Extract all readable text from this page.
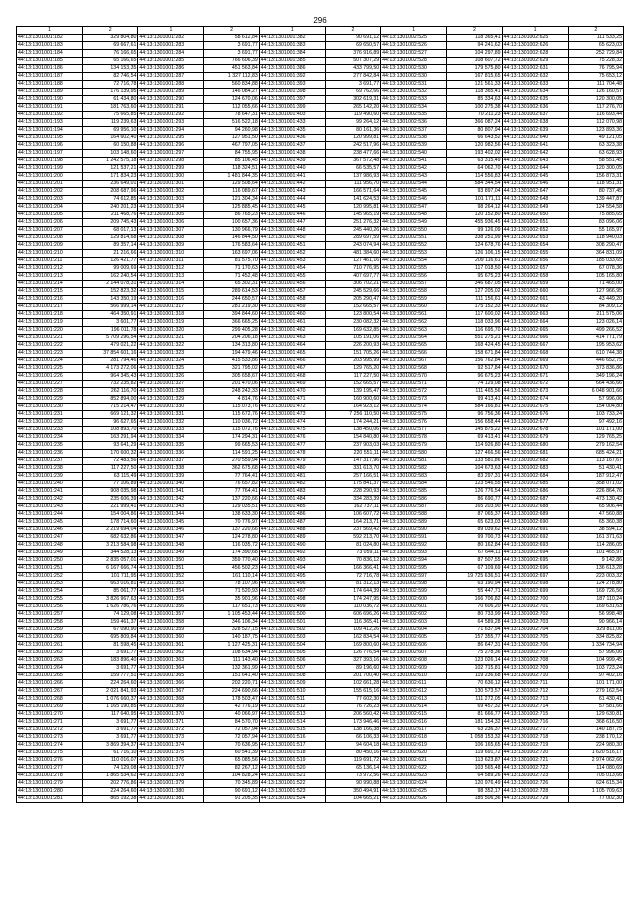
296
1	2	1	2	1	2	1	2	1	2
44:13:1301001:182	329 804,80	44:13:1301001:282	58 612,84	44:13:1301001:382	90 691,12	44:13:1301002:525	118 365,41	44:13:1301002:625	111 533,25
44:13:1301001:183	69 667,61	44:13:1301001:283	3 691,77	44:13:1301001:383	69 650,57	44:13:1301002:526	94 241,62	44:13:1301002:626	65 623,03
44:13:1301001:184	76 166,65	44:13:1301001:284	3 691,77	44:13:1301001:384	376 916,89	44:13:1301002:527	104 297,89	44:13:1301002:628	252 729,84
44:13:1301001:185	65 166,65	44:13:1301001:285	766 606,39	44:13:1301001:385	507 307,29	44:13:1301002:528	108 607,72	44:13:1301002:629	75 228,32
44:13:1301001:186	134 153,35	44:13:1301001:286	451 563,84	44:13:1301001:386	433 799,50	44:13:1301002:530	179 575,80	44:13:1301002:631	76 795,94
44:13:1301001:187	82 746,54	44:13:1301001:287	1 327 112,83	44:13:1301001:392	277 842,84	44:13:1301002:530	167 815,65	44:13:1301002:632	75 653,12
44:13:1301001:188	72 716,78	44:13:1301001:288	560 834,88	44:13:1301001:393	3 691,77	44:13:1301002:531	121 561,33	44:13:1301002:633	111 704,48
44:13:1301001:189	176 139,95	44:13:1301001:289	146 084,27	44:13:1301001:398	69 762,66	44:13:1301002:532	118 365,41	44:13:1301002:634	126 160,57
44:13:1301001:190	61 434,80	44:13:1301001:290	124 670,06	44:13:1301001:397	302 619,31	44:13:1301002:533	85 334,63	44:13:1301002:635	120 300,05
44:13:1301001:191	181 763,60	44:13:1301001:291	112 055,66	44:13:1301001:399	265 142,20	44:13:1301002:534	100 275,38	44:13:1301002:636	117 276,70
44:13:1301001:192	75 665,85	44:13:1301001:292	78 647,31	44:13:1301001:403	119 490,60	44:13:1301002:535	70 211,23	44:13:1301002:637	116 693,44
44:13:1301001:193	119 239,63	44:13:1301001:293	516 522,18	44:13:1301001:433	99 264,12	44:13:1301002:536	366 087,24	44:13:1301002:638	112 070,98
44:13:1301001:194	69 956,10	44:13:1301001:294	94 260,98	44:13:1301001:435	80 161,36	44:13:1301002:537	80 807,94	44:13:1301002:639	123 893,36
44:13:1301001:195	164 602,40	44:13:1301001:295	127 951,50	44:13:1301001:436	120 999,81	44:13:1301002:538	66 643,52	44:13:1301002:640	49 121,05
44:13:1301001:196	60 150,88	44:13:1301001:296	467 797,05	44:13:1301001:437	242 517,96	44:13:1301002:539	120 982,56	44:13:1301002:641	63 323,38
44:13:1301001:197	103 148,60	44:13:1301001:297	84 755,95	44:13:1301001:438	238 477,66	44:13:1301002:540	193 402,02	44:13:1301002:642	63 628,93
44:13:1301001:198	1 242 575,18	44:13:1301001:298	85 106,45	44:13:1301001:439	367 572,48	44:13:1301002:541	63 315,49	44:13:1301002:643	58 551,45
44:13:1301001:199	121 537,21	44:13:1301001:299	118 324,51	44:13:1301001:440	66 535,57	44:13:1301002:542	64 062,70	44:13:1301002:644	120 300,05
44:13:1301001:200	171 834,23	44:13:1301001:300	1 481 844,35	44:13:1301001:441	137 986,93	44:13:1301002:543	114 556,83	44:13:1301002:645	156 873,31
44:13:1301001:201	236 649,01	44:13:1301001:301	129 508,64	44:13:1301001:442	111 956,70	44:13:1301002:544	584 344,54	44:13:1301002:646	118 951,31
44:13:1301001:202	208 687,96	44:13:1301001:302	116 089,67	44:13:1301001:443	166 571,64	44:13:1301002:545	93 897,04	44:13:1301002:647	80 737,45
44:13:1301001:203	74 612,85	44:13:1301001:303	121 304,34	44:13:1301001:444	141 624,53	44:13:1301002:546	101 171,11	44:13:1301002:648	139 447,87
44:13:1301001:204	240 201,23	44:13:1301001:304	125 885,45	44:13:1301001:445	120 995,81	44:13:1301002:547	98 264,12	44:13:1301002:649	124 554,58
44:13:1301001:205	211 468,76	44:13:1301001:305	86 765,23	44:13:1301001:446	145 965,19	44:13:1301002:548	120 152,80	44:13:1301002:650	75 885,65
44:13:1301001:206	209 745,43	44:13:1301001:306	100 657,36	44:13:1301001:447	251 276,32	44:13:1301002:549	455 936,45	44:13:1301002:651	83 096,06
44:13:1301001:207	68 017,13	44:13:1301001:307	130 966,79	44:13:1301001:448	245 440,26	44:13:1301002:550	99 126,09	44:13:1301002:652	55 165,97
44:13:1301001:208	129 814,68	44:13:1301001:308	146 844,50	44:13:1301001:450	289 697,59	44:13:1301002:551	338 251,99	44:13:1301002:653	118 940,03
44:13:1301001:209	89 357,14	44:13:1301001:309	176 583,64	44:13:1301001:451	243 074,94	44:13:1301002:552	124 678,76	44:13:1301002:654	308 290,47
44:13:1301001:210	21 216,66	44:13:1301001:310	163 697,06	44:13:1301001:452	481 384,60	44:13:1301002:553	126 106,15	44:13:1301002:655	364 831,09
44:13:1301001:211	126 421,77	44:13:1301001:311	81 575,70	44:13:1301001:453	127 461,16	44:13:1301002:554	209 116,61	44:13:1301002:656	185 033,65
44:13:1301001:212	99 009,69	44:13:1301001:312	71 170,63	44:13:1301001:454	710 776,95	44:13:1301002:555	117 018,50	44:13:1301002:657	67 078,36
44:13:1301001:213	162 240,54	44:13:1301001:313	71 452,48	44:13:1301001:455	407 697,77	44:13:1301002:556	95 675,23	44:13:1301002:658	105 165,80
44:13:1301001:214	2 144 078,31	44:13:1301001:314	65 302,31	44:13:1301001:456	306 702,21	44:13:1301002:557	346 687,05	44:13:1301002:659	71 465,00
44:13:1301001:215	152 823,32	44:13:1301001:315	289 614,53	44:13:1301001:457	245 529,66	44:13:1301002:558	127 205,02	44:13:1301002:660	127 966,95
44:13:1301001:216	143 350,19	44:13:1301001:316	244 650,57	44:13:1301001:458	205 290,47	44:13:1301002:559	111 156,61	44:13:1301002:661	43 449,20
44:13:1301001:217	566 999,14	44:13:1301001:317	281 219,30	44:13:1301001:459	152 665,57	44:13:1301002:560	175 152,33	44:13:1301002:662	84 309,12
44:13:1301001:218	464 350,91	44:13:1301001:318	394 844,60	44:13:1301001:460	123 800,54	44:13:1301002:561	117 600,02	44:13:1301002:663	211 575,06
44:13:1301001:219	3 601,77	44:13:1301001:319	366 665,25	44:13:1301001:461	230 082,32	44:13:1301002:562	118 033,96	44:13:1301002:664	123 026,14
44:13:1301001:220	196 011,78	44:13:1301001:320	299 405,28	44:13:1301001:462	169 632,85	44:13:1301002:563	116 695,70	44:13:1301002:665	499 266,52
44:13:1301001:221	5 709 296,54	44:13:1301001:321	204 206,18	44:13:1301001:463	105 191,06	44:13:1301002:564	551 275,21	44:13:1301002:666	414 771,79
44:13:1301001:222	479 021,22	44:13:1301001:322	134 313,80	44:13:1301001:464	226 200,93	44:13:1301002:565	168 424,45	44:13:1301002:667	195 953,62
44:13:1301001:223	37 854 601,16	44:13:1301001:323	194 479,46	44:13:1301001:465	151 705,26	44:13:1301002:566	158 671,84	44:13:1301002:668	610 744,38
44:13:1301001:224	281 794,46	44:13:1301001:324	415 533,86	44:13:1301001:466	203 995,99	44:13:1301002:567	156 762,84	44:13:1301002:669	446 652,75
44:13:1301001:225	4 173 272,06	44:13:1301001:325	321 795,02	44:13:1301001:467	129 765,20	44:13:1301002:568	92 517,84	44:13:1301002:670	373 836,86
44:13:1301001:226	964 345,43	44:13:1301001:326	305 658,67	44:13:1301001:468	117 227,50	44:13:1301002:570	96 675,23	44:13:1301002:671	349 196,24
44:13:1301001:227	732 235,82	44:13:1301001:327	201 470,06	44:13:1301001:469	152 665,57	44:13:1301002:571	74 129,08	44:13:1301002:672	664 436,66
44:13:1301001:228	262 116,70	44:13:1301001:328	248 242,33	44:13:1301001:470	139 195,47	44:13:1301002:572	111 465,56	44:13:1301002:673	6 048 901,66
44:13:1301001:229	852 894,00	44:13:1301001:329	4 814,76	44:13:1301001:471	160 900,60	44:13:1301002:573	99 413,41	44:13:1301002:674	57 996,06
44:13:1301001:230	715 214,47	44:13:1301001:330	115 073,76	44:13:1301001:472	164 923,12	44:13:1301002:574	584 166,81	44:13:1301002:675	154 004,80
44:13:1301001:231	669 121,32	44:13:1301001:331	115 672,76	44:13:1301001:473	7 256 110,50	44:13:1301002:575	96 756,36	44:13:1301002:676	103 733,24
44:13:1301001:232	96 627,65	44:13:1301001:332	110 036,72	44:13:1301001:474	174 244,21	44:13:1301002:576	156 658,44	44:13:1301002:677	97 492,16
44:13:1301001:233	108 893,70	44:13:1301001:333	115 072,76	44:13:1301001:475	138 450,06	44:13:1301002:577	145 875,22	44:13:1301002:678	101 171,00
44:13:1301001:234	163 291,94	44:13:1301001:334	174 294,31	44:13:1301001:476	154 840,80	44:13:1301002:578	69 413,41	44:13:1301002:679	129 765,25
44:13:1301001:235	93 641,29	44:13:1301001:335	99 665,53	44:13:1301001:477	237 903,03	44:13:1301002:579	114 926,80	44:13:1301002:680	279 162,54
44:13:1301001:236	170 600,32	44:13:1301001:336	114 591,25	44:13:1301001:478	220 551,11	44:13:1301002:580	127 466,56	44:13:1301002:681	685 424,21
44:13:1301001:237	72 483,56	44:13:1301001:337	270 559,94	44:13:1301001:479	147 317,96	44:13:1301002:581	133 581,86	44:13:1301002:682	113 167,67
44:13:1301001:238	117 227,50	44:13:1301001:338	362 675,68	44:13:1301001:480	331 613,70	44:13:1301002:582	104 673,63	44:13:1301002:683	51 430,41
44:13:1301001:239	63 115,49	44:13:1301001:339	77 764,41	44:13:1301001:481	257 166,51	44:13:1301002:583	83 297,31	44:13:1301002:684	187 912,47
44:13:1301001:240	77 106,89	44:13:1301001:340	76 657,82	44:13:1301001:482	175 841,37	44:13:1301002:584	123 546,55	44:13:1301002:685	358 071,02
44:13:1301001:241	908 035,98	44:13:1301001:341	77 764,41	44:13:1301001:483	228 290,93	44:13:1301002:585	126 776,54	44:13:1301002:686	226 864,76
44:13:1301001:242	235 606,39	44:13:1301001:342	137 220,66	44:13:1301001:484	334 283,39	44:13:1301002:586	86 690,77	44:13:1301002:687	473 130,42
44:13:1301001:243	221 999,41	44:13:1301001:343	129 035,51	44:13:1301001:485	162 737,11	44:13:1301002:587	165 203,90	44:13:1301002:688	65 906,44
44:13:1301001:244	154 004,86	44:13:1301001:344	138 633,30	44:13:1301001:486	106 607,72	44:13:1301002:588	87 065,37	44:13:1301002:689	47 560,88
44:13:1301001:245	178 714,60	44:13:1301001:345	70 776,97	44:13:1301001:487	164 213,71	44:13:1301002:589	65 623,03	44:13:1301002:690	65 360,38
44:13:1301001:246	2 219 694,04	44:13:1301001:346	137 220,66	44:13:1301001:488	237 569,42	44:13:1301002:590	89 039,62	44:13:1301002:691	38 594,12
44:13:1301001:247	682 632,86	44:13:1301001:347	124 278,80	44:13:1301001:489	592 213,70	44:13:1301002:591	99 700,73	44:13:1301002:692	161 371,63
44:13:1301001:248	3 213 584,98	44:13:1301001:348	116 035,72	44:13:1301001:490	81 024,80	44:13:1301002:592	80 162,84	44:13:1301002:693	114 286,05
44:13:1301001:249	344 528,13	44:13:1301001:349	174 390,68	44:13:1301001:492	73 059,11	44:13:1301002:593	67 644,11	44:13:1301002:694	101 465,97
44:13:1301001:250	2 835 057,01	44:13:1301001:350	359 770,40	44:13:1301001:493	70 836,12	44:13:1301002:594	87 507,55	44:13:1301002:695	9 142,86
44:13:1301001:251	6 167 666,74	44:13:1301001:351	456 502,23	44:13:1301001:494	166 366,41	44:13:1301002:595	67 109,69	44:13:1301002:696	136 613,28
44:13:1301001:252	101 711,95	44:13:1301001:352	161 110,14	44:13:1301001:495	72 716,78	44:13:1301002:597	19 725 636,51	44:13:1301002:697	223 003,32
44:13:1301001:253	663 016,81	44:13:1301001:353	78 107,96	44:13:1301001:496	81 312,13	44:13:1301002:598	63 190,94	44:13:1301002:698	124 278,80
44:13:1301001:254	85 061,77	44:13:1301001:354	71 520,93	44:13:1301001:497	174 644,39	44:13:1301002:599	55 447,71	44:13:1301002:699	169 726,56
44:13:1301001:255	3 826 967,63	44:13:1301001:355	35 901,96	44:13:1301001:498	174 247,95	44:13:1301002:600	166 706,82	44:13:1301002:700	187 110,24
44:13:1301001:256	1 626 786,76	44:13:1301001:356	117 651,73	44:13:1301001:499	110 036,72	44:13:1301002:601	70 606,20	44:13:1301002:701	169 631,63
44:13:1301001:257	74 129,08	44:13:1301001:357	1 105 453,44	44:13:1301001:500	606 696,26	44:13:1301002:602	80 733,99	44:13:1301002:702	56 998,48
44:13:1301001:258	159 461,37	44:13:1301001:358	346 106,34	44:13:1301001:501	116 365,41	44:13:1301002:603	64 589,28	44:13:1301002:703	90 966,14
44:13:1301001:259	67 090,90	44:13:1301001:359	328 527,15	44:13:1301001:502	109 412,26	44:13:1301002:604	71 637,94	44:13:1301002:704	329 811,06
44:13:1301001:260	695 809,84	44:13:1301001:360	140 187,75	44:13:1301001:503	162 834,54	44:13:1301002:605	157 355,77	44:13:1301002:705	334 825,82
44:13:1301001:261	81 598,45	44:13:1301001:361	1 127 425,31	44:13:1301001:504	169 800,60	44:13:1301002:606	86 647,31	44:13:1301002:706	1 334 734,94
44:13:1301001:262	3 691,77	44:13:1301001:362	108 634,94	44:13:1301001:505	126 776,54	44:13:1301002:607	75 278,36	44:13:1301002:707	57 996,06
44:13:1301001:263	183 896,40	44:13:1301001:363	111 143,40	44:13:1301001:506	327 393,16	44:13:1301002:608	123 026,14	44:13:1301002:708	104 999,45
44:13:1301001:264	3 691,77	44:13:1301001:364	132 361,99	44:13:1301001:507	89 196,60	44:13:1301002:609	102 715,81	44:13:1301002:709	103 723,24
44:13:1301001:265	159 777,51	44:13:1301001:365	151 641,40	44:13:1301001:508	201 700,40	44:13:1301002:610	119 236,68	44:13:1301002:710	97 402,16
44:13:1301001:266	224 264,60	44:13:1301001:366	202 220,71	44:13:1301001:509	102 661,28	44:13:1301002:611	70 636,12	44:13:1301002:711	101 171,00
44:13:1301001:267	2 021 841,93	44:13:1301001:367	224 690,66	44:13:1301001:510	155 615,16	44:13:1301002:612	130 573,57	44:13:1301002:712	279 162,54
44:13:1301001:268	1 076 660,37	44:13:1301001:368	178 503,47	44:13:1301001:511	77 602,30	44:13:1301002:613	111 272,05	44:13:1301002:713	61 430,41
44:13:1301001:269	1 165 190,85	44:13:1301001:369	42 776,19	44:13:1301001:512	76 726,23	44:13:1301002:614	69 457,32	44:13:1301002:714	57 581,66
44:13:1301001:270	117 640,95	44:13:1301001:370	40 066,97	44:13:1301001:513	206 560,42	44:13:1301002:615	81 666,77	44:13:1301002:715	129 630,81
44:13:1301001:271	3 691,77	44:13:1301001:371	84 570,70	44:13:1301001:514	173 946,46	44:13:1301002:616	181 154,32	44:13:1301002:716	368 616,50
44:13:1301001:272	3 691,77	44:13:1301001:372	72 057,94	44:13:1301001:515	138 166,38	44:13:1301002:617	63 236,37	44:13:1301002:717	140 187,75
44:13:1301001:273	3 691,77	44:13:1301001:373	72 057,94	44:13:1301001:516	66 106,33	44:13:1301002:618	1 058 153,32	44:13:1301002:718	238 170,12
44:13:1301001:274	3 869 394,37	44:13:1301001:374	70 636,95	44:13:1301001:517	94 604,18	44:13:1301002:619	106 165,65	44:13:1301002:719	224 980,30
44:13:1301001:275	61 716,10	44:13:1301001:375	60 541,39	44:13:1301001:518	80 450,16	44:13:1301002:620	119 691,72	44:13:1301002:720	1 620 516,17
44:13:1301001:276	110 016,07	44:13:1301001:376	65 085,56	44:13:1301001:519	119 691,72	44:13:1301002:621	113 623,87	44:13:1301002:721	2 974 062,66
44:13:1301001:277	74 129,08	44:13:1301001:377	82 267,12	44:13:1301001:520	65 136,14	44:13:1301002:622	103 565,48	44:13:1301002:722	114 080,69
44:13:1301001:278	1 865 534,62	44:13:1301001:378	104 828,24	44:13:1301001:521	73 972,56	44:13:1301002:623	64 589,26	44:13:1301002:723	705 013,66
44:13:1301001:279	202 776,86	44:13:1301001:379	70 345,89	44:13:1301001:522	90 990,88	44:13:1301002:624	120 976,49	44:13:1301002:726	624 615,34
44:13:1301001:280	224 264,60	44:13:1301001:380	90 691,12	44:13:1301001:523	350 494,91	44:13:1301002:625	98 352,17	44:13:1301002:728	1 105 709,63
44:13:1301001:281	865 192,38	44:13:1301001:381	91 205,35	44:13:1301001:524	104 665,21	44:13:1301002:626	185 506,36	44:13:1301002:729	77 002,30
